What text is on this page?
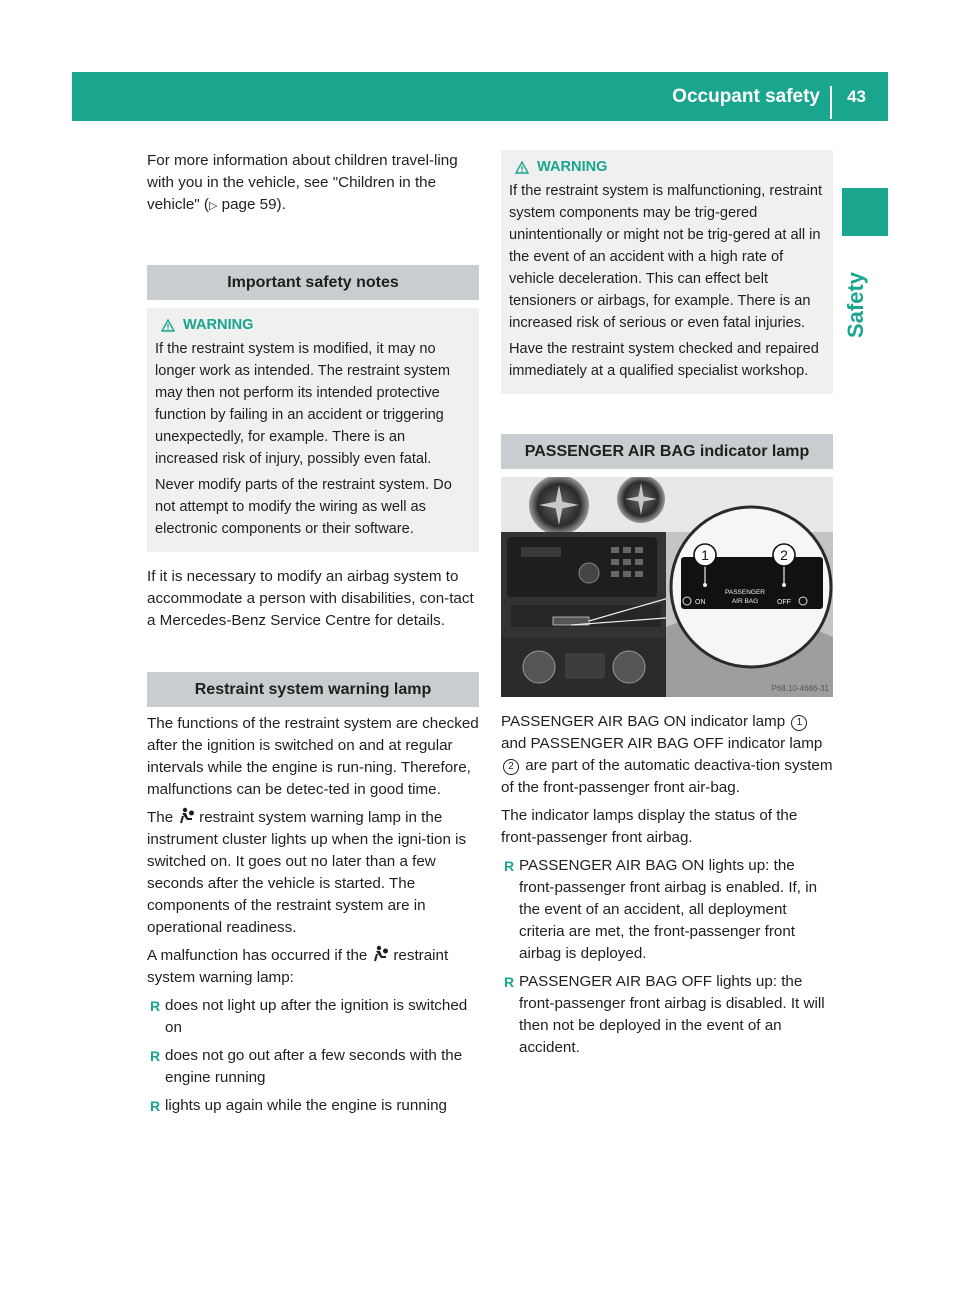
Occupant safety 43
Safety

For more information about children travel-ling with you in the vehicle, see "Children in the vehicle" (▷ page 59).

Important safety notes
WARNING

If the restraint system is modified, it may no longer work as intended. The restraint system may then not perform its intended protective function by failing in an accident or triggering unexpectedly, for example. There is an increased risk of injury, possibly even fatal.

Never modify parts of the restraint system. Do not attempt to modify the wiring as well as electronic components or their software.

If it is necessary to modify an airbag system to accommodate a person with disabilities, con-tact a Mercedes-Benz Service Centre for details.

Restraint system warning lamp

The functions of the restraint system are checked after the ignition is switched on and at regular intervals while the engine is run-ning. Therefore, malfunctions can be detec-ted in good time.

The restraint system warning lamp in the instrument cluster lights up when the igni-tion is switched on. It goes out no later than a few seconds after the vehicle is started. The components of the restraint system are in operational readiness.

A malfunction has occurred if the restraint system warning lamp:

R does not light up after the ignition is switched on
R does not go out after a few seconds with the engine running
R lights up again while the engine is running
WARNING

If the restraint system is malfunctioning, restraint system components may be trig-gered unintentionally or might not be trig-gered at all in the event of an accident with a high rate of vehicle deceleration. This can effect belt tensioners or airbags, for example. There is an increased risk of serious or even fatal injuries.

Have the restraint system checked and repaired immediately at a qualified specialist workshop.

PASSENGER AIR BAG indicator lamp
1	2
ON
PASSENGER
AIR BAG	OFF
P68.10-4686-31

PASSENGER AIR BAG ON indicator lamp 1 and PASSENGER AIR BAG OFF indicator lamp 2 are part of the automatic deactiva-tion system of the front-passenger front air-bag.

The indicator lamps display the status of the front-passenger front airbag.

R PASSENGER AIR BAG ON lights up: the front-passenger front airbag is enabled. If, in the event of an accident, all deployment criteria are met, the front-passenger front airbag is deployed.
R PASSENGER AIR BAG OFF lights up: the front-passenger front airbag is disabled. It will then not be deployed in the event of an accident.
